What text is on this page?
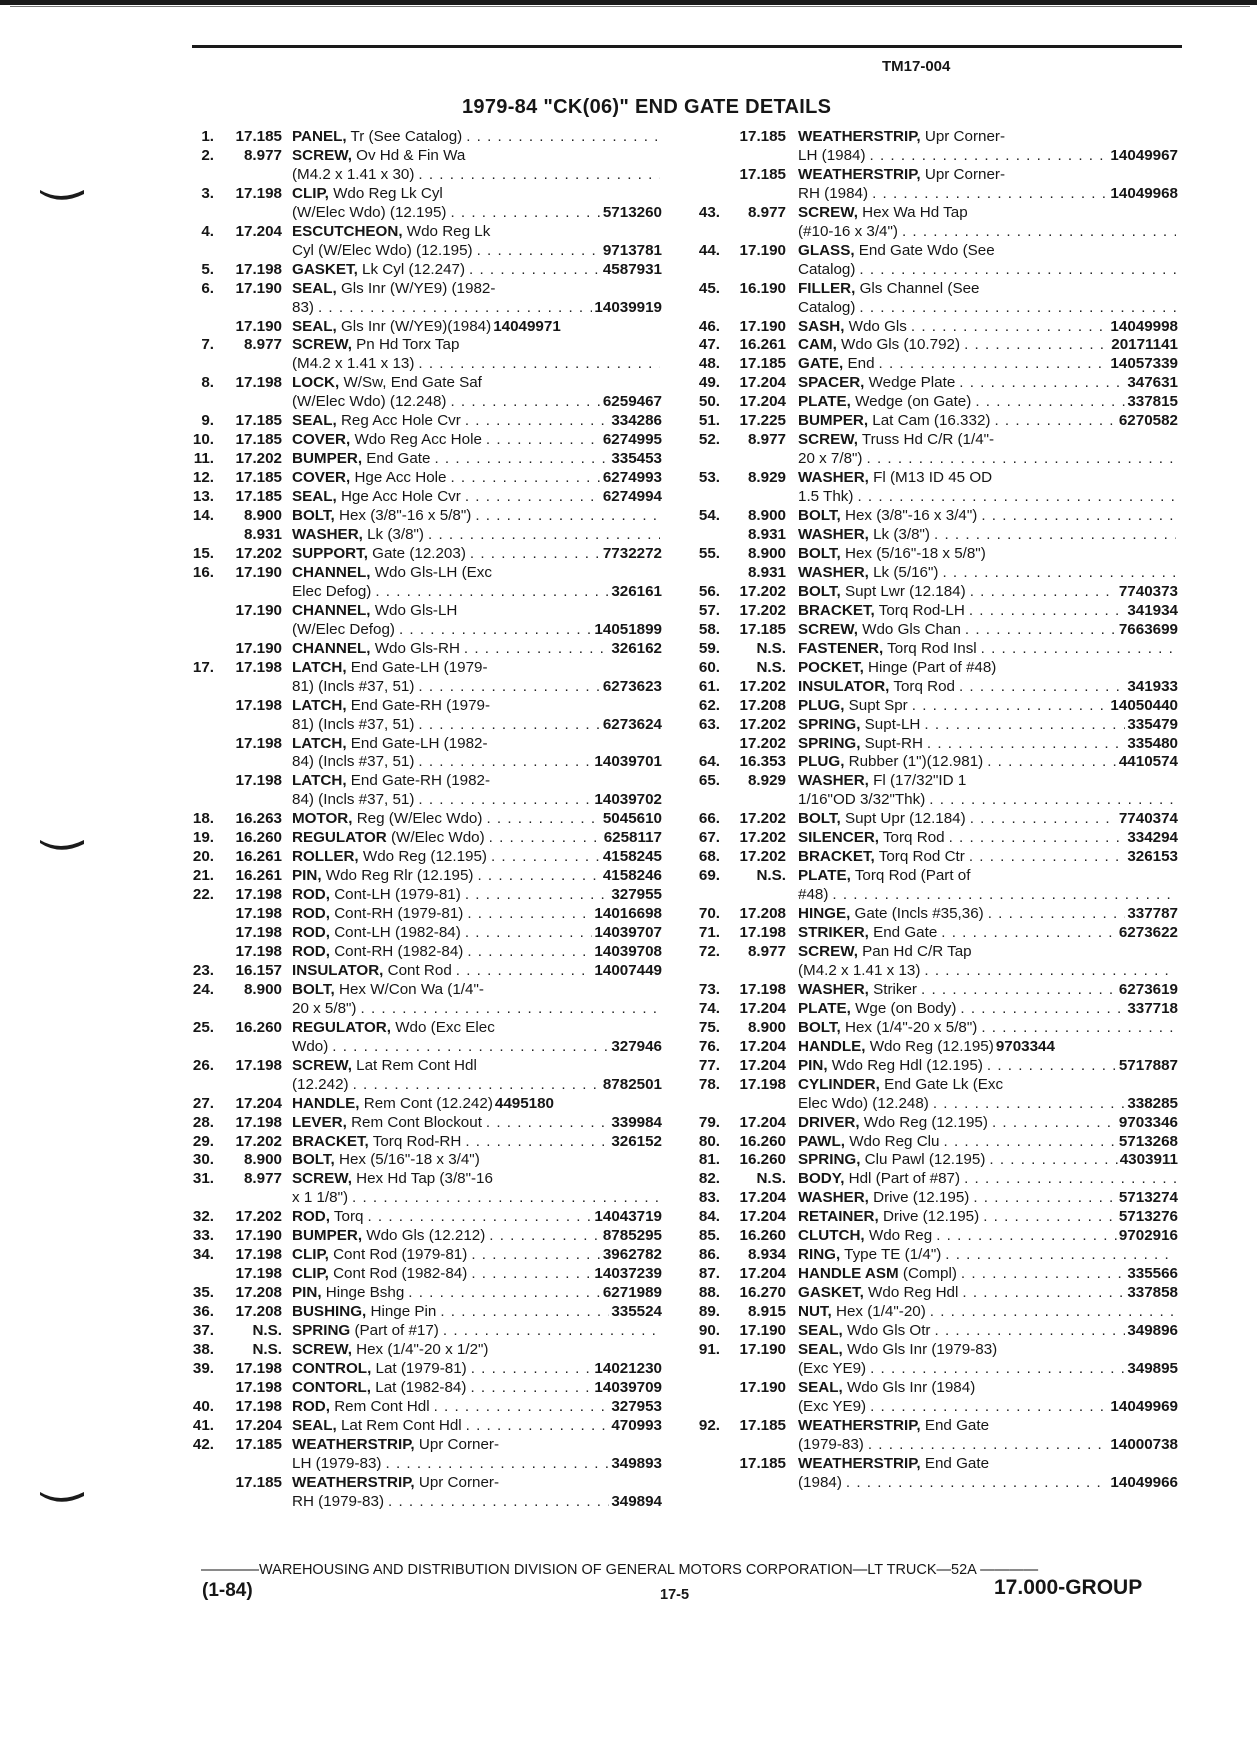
TM17-004
1979-84 "CK(06)" END GATE DETAILS
1.	17.185 PANEL, Tr (See Catalog)
. . .
2.	8.977 SCREW, Ov Hd & Fin Wa
(M4.2 x 1.41 x 30)
. . .
3.	17.198 CLIP, Wdo Reg Lk Cyl
(W/Elec Wdo) (12.195) . . .	5713260
4.	17.204 ESCUTCHEON, Wdo Reg Lk
Cyl (W/Elec Wdo) (12.195) . . .	9713781
5.	17.198 GASKET, Lk Cyl (12.247) . . .	4587931
6.	17.190 SEAL, Gls Inr (W/YE9) (1982-
83) . . .	14039919
17.190 SEAL, Gls Inr (W/YE9)(1984) 14049971
7.	8.977 SCREW, Pn Hd Torx Tap
(M4.2 x 1.41 x 13)
. . .
8.	17.198 LOCK, W/Sw, End Gate Saf
(W/Elec Wdo) (12.248) . . .	6259467
9.	17.185 SEAL, Reg Acc Hole Cvr . . .	334286
10.	17.185 COVER, Wdo Reg Acc Hole . . .	6274995
11.	17.202 BUMPER, End Gate . . .	335453
12.	17.185 COVER, Hge Acc Hole . . .	6274993
13.	17.185 SEAL, Hge Acc Hole Cvr . . .	6274994
14.	8.900 BOLT, Hex (3/8"-16 x 5/8")
. . .
8.931 WASHER, Lk (3/8")
. . .
15.	17.202 SUPPORT, Gate (12.203) . . .	7732272
16.	17.190 CHANNEL, Wdo Gls-LH (Exc
Elec Defog) . . .	326161
17.190 CHANNEL, Wdo Gls-LH
(W/Elec Defog) . . .	14051899
17.190 CHANNEL, Wdo Gls-RH . . .	326162
17.	17.198 LATCH, End Gate-LH (1979-
81) (Incls #37, 51) . . .	6273623
17.198 LATCH, End Gate-RH (1979-
81) (Incls #37, 51) . . .	6273624
17.198 LATCH, End Gate-LH (1982-
84) (Incls #37, 51) . . .	14039701
17.198 LATCH, End Gate-RH (1982-
84) (Incls #37, 51) . . .	14039702
18.	16.263 MOTOR, Reg (W/Elec Wdo) . . .	5045610
19.	16.260 REGULATOR (W/Elec Wdo) . . .	6258117
20.	16.261 ROLLER, Wdo Reg (12.195) . . .	4158245
21.	16.261 PIN, Wdo Reg Rlr (12.195) . . .	4158246
22.	17.198 ROD, Cont-LH (1979-81) . . .	327955
17.198 ROD, Cont-RH (1979-81) . . .	14016698
17.198 ROD, Cont-LH (1982-84) . . .	14039707
17.198 ROD, Cont-RH (1982-84) . . .	14039708
23.	16.157 INSULATOR, Cont Rod . . .	14007449
24.	8.900 BOLT, Hex W/Con Wa (1/4"-
20 x 5/8")
. . .
25.	16.260 REGULATOR, Wdo (Exc Elec
Wdo) . . .	327946
26.	17.198 SCREW, Lat Rem Cont Hdl
(12.242) . . .	8782501
27.	17.204 HANDLE, Rem Cont (12.242) 4495180
28.	17.198 LEVER, Rem Cont Blockout . . .	339984
29.	17.202 BRACKET, Torq Rod-RH . . .	326152
30.	8.900 BOLT, Hex (5/16"-18 x 3/4")
31.	8.977 SCREW, Hex Hd Tap (3/8"-16
x 1 1/8")
. . .
32.	17.202 ROD, Torq . . .	14043719
33.	17.190 BUMPER, Wdo Gls (12.212) . . .	8785295
34.	17.198 CLIP, Cont Rod (1979-81) . . .	3962782
17.198 CLIP, Cont Rod (1982-84) . . .	14037239
35.	17.208 PIN, Hinge Bshg . . .	6271989
36.	17.208 BUSHING, Hinge Pin . . .	335524
37.	N.S. SPRING (Part of #17)
. . .
38.	N.S. SCREW, Hex (1/4"-20 x 1/2")
39.	17.198 CONTROL, Lat (1979-81) . . .	14021230
17.198 CONTORL, Lat (1982-84) . . .	14039709
40.	17.198 ROD, Rem Cont Hdl . . .	327953
41.	17.204 SEAL, Lat Rem Cont Hdl . . .	470993
42.	17.185 WEATHERSTRIP, Upr Corner-
LH (1979-83) . . .	349893
17.185 WEATHERSTRIP, Upr Corner-
RH (1979-83) . . .	349894
17.185 WEATHERSTRIP, Upr Corner-
LH (1984) . . .	14049967
17.185 WEATHERSTRIP, Upr Corner-
RH (1984) . . .	14049968
43.	8.977 SCREW, Hex Wa Hd Tap
(#10-16 x 3/4")
. . .
44.	17.190 GLASS, End Gate Wdo (See
Catalog)
. . .
45.	16.190 FILLER, Gls Channel (See
Catalog)
. . .
46.	17.190 SASH, Wdo Gls . . .	14049998
47.	16.261 CAM, Wdo Gls (10.792) . . .	20171141
48.	17.185 GATE, End . . .	14057339
49.	17.204 SPACER, Wedge Plate . . .	347631
50.	17.204 PLATE, Wedge (on Gate) . . .	337815
51.	17.225 BUMPER, Lat Cam (16.332) . . .	6270582
52.	8.977 SCREW, Truss Hd C/R (1/4"-
20 x 7/8")
. . .
53.	8.929 WASHER, Fl (M13 ID 45 OD
1.5 Thk)
. . .
54.	8.900 BOLT, Hex (3/8"-16 x 3/4")
. . .
8.931 WASHER, Lk (3/8")
. . .
55.	8.900 BOLT, Hex (5/16"-18 x 5/8")
8.931 WASHER, Lk (5/16")
. . .
56.	17.202 BOLT, Supt Lwr (12.184) . . .	7740373
57.	17.202 BRACKET, Torq Rod-LH . . .	341934
58.	17.185 SCREW, Wdo Gls Chan . . .	7663699
59.	N.S. FASTENER, Torq Rod Insl
. . .
60.	N.S. POCKET, Hinge (Part of #48)
61.	17.202 INSULATOR, Torq Rod . . .	341933
62.	17.208 PLUG, Supt Spr . . .	14050440
63.	17.202 SPRING, Supt-LH . . .	335479
17.202 SPRING, Supt-RH . . .	335480
64.	16.353 PLUG, Rubber (1")(12.981) . . .	4410574
65.	8.929 WASHER, Fl (17/32"ID 1
1/16"OD 3/32"Thk)
. . .
66.	17.202 BOLT, Supt Upr (12.184) . . .	7740374
67.	17.202 SILENCER, Torq Rod . . .	334294
68.	17.202 BRACKET, Torq Rod Ctr . . .	326153
69.	N.S. PLATE, Torq Rod (Part of
#48)
. . .
70.	17.208 HINGE, Gate (Incls #35,36) . . .	337787
71.	17.198 STRIKER, End Gate . . .	6273622
72.	8.977 SCREW, Pan Hd C/R Tap
(M4.2 x 1.41 x 13)
. . .
73.	17.198 WASHER, Striker . . .	6273619
74.	17.204 PLATE, Wge (on Body) . . .	337718
75.	8.900 BOLT, Hex (1/4"-20 x 5/8")
. . .
76.	17.204 HANDLE, Wdo Reg (12.195) 9703344
77.	17.204 PIN, Wdo Reg Hdl (12.195) . . .	5717887
78.	17.198 CYLINDER, End Gate Lk (Exc
Elec Wdo) (12.248) . . .	338285
79.	17.204 DRIVER, Wdo Reg (12.195) . . .	9703346
80.	16.260 PAWL, Wdo Reg Clu . . .	5713268
81.	16.260 SPRING, Clu Pawl (12.195) . . .	4303911
82.	N.S. BODY, Hdl (Part of #87)
. . .
83.	17.204 WASHER, Drive (12.195) . . .	5713274
84.	17.204 RETAINER, Drive (12.195) . . .	5713276
85.	16.260 CLUTCH, Wdo Reg . . .	9702916
86.	8.934 RING, Type TE (1/4")
. . .
87.	17.204 HANDLE ASM (Compl) . . .	335566
88.	16.270 GASKET, Wdo Reg Hdl . . .	337858
89.	8.915 NUT, Hex (1/4"-20)
. . .
90.	17.190 SEAL, Wdo Gls Otr . . .	349896
91.	17.190 SEAL, Wdo Gls Inr (1979-83)
(Exc YE9) . . .	349895
17.190 SEAL, Wdo Gls Inr (1984)
(Exc YE9) . . .	14049969
92.	17.185 WEATHERSTRIP, End Gate
(1979-83) . . .	14000738
17.185 WEATHERSTRIP, End Gate
(1984) . . .	14049966
————WAREHOUSING AND DISTRIBUTION DIVISION OF GENERAL MOTORS CORPORATION—LT TRUCK—52A ————
(1-84)	17-5	17.000-GROUP
